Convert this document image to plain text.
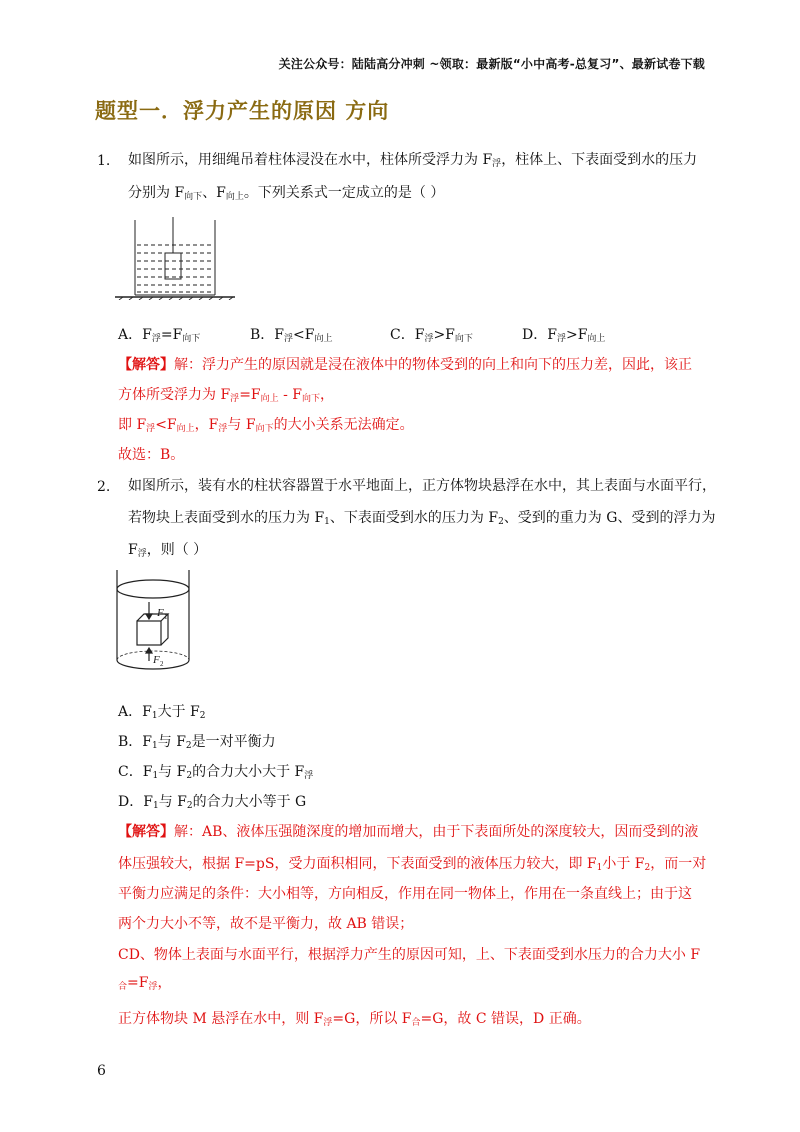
关注公众号：陆陆高分冲刺 ~领取：最新版“小中高考-总复习”、最新试卷下载
题型一．浮力产生的原因 方向
1. 如图所示，用细绳吊着柱体浸没在水中，柱体所受浮力为 $F_浮$，柱体上、下表面受到水的压力
分别为 $F_{向下}$、$F_{向上}$。下列关系式一定成立的是（ ）
A．$F_浮=F_{向下}$	B．$F_浮<F_{向上}$	C．$F_浮>F_{向下}$	D．$F_浮>F_{向上}$
【解答】解：浮力产生的原因就是浸在液体中的物体受到的向上和向下的压力差，因此，该正
方体所受浮力为 $F_浮=F_{向上} - F_{向下}$，
即 $F_浮<F_{向上}$，$F_浮$与 $F_{向下}$的大小关系无法确定。
故选：B。
2. 如图所示，装有水的柱状容器置于水平地面上，正方体物块悬浮在水中，其上表面与水面平行，
若物块上表面受到水的压力为 $F_1$、下表面受到水的压力为 $F_2$、受到的重力为 G、受到的浮力为
$F_浮$，则（ ）
F 1
F 2
A．$F_1$大于 $F_2$
B．$F_1$与 $F_2$是一对平衡力
C．$F_1$与 $F_2$的合力大小大于 $F_浮$
D．$F_1$与 $F_2$的合力大小等于 G
【解答】解：AB、液体压强随深度的增加而增大，由于下表面所处的深度较大，因而受到的液
体压强较大，根据 F=pS，受力面积相同，下表面受到的液体压力较大，即 $F_1$小于 $F_2$，而一对
平衡力应满足的条件：大小相等，方向相反，作用在同一物体上，作用在一条直线上；由于这
两个力大小不等，故不是平衡力，故 AB 错误；
CD、物体上表面与水面平行，根据浮力产生的原因可知，上、下表面受到水压力的合力大小 F
$_合=F_浮$，
正方体物块 M 悬浮在水中，则 $F_浮=G$，所以 $F_合=G$，故 C 错误，D 正确。
6
